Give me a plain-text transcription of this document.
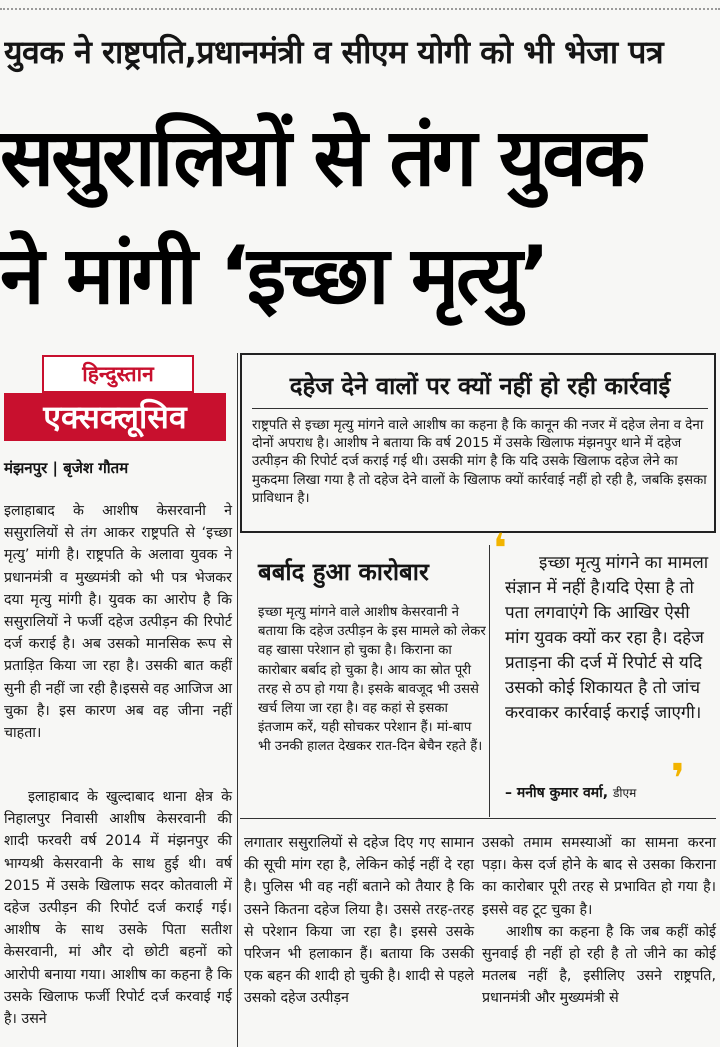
युवक ने राष्ट्रपति,प्रधानमंत्री व सीएम योगी को भी भेजा पत्र
ससुरालियों से तंग युवक
ने मांगी ‘इच्छा मृत्यु’
हिन्दुस्तान
एक्सक्लूसिव
मंझनपुर | बृजेश गौतम

इलाहाबाद के आशीष केसरवानी ने ससुरालियों से तंग आकर राष्ट्रपति से ‘इच्छा मृत्यु’ मांगी है। राष्ट्रपति के अलावा युवक ने प्रधानमंत्री व मुख्यमंत्री को भी पत्र भेजकर दया मृत्यु मांगी है। युवक का आरोप है कि ससुरालियों ने फर्जी दहेज उत्पीड़न की रिपोर्ट दर्ज कराई है। अब उसको मानसिक रूप से प्रताड़ित किया जा रहा है। उसकी बात कहीं सुनी ही नहीं जा रही है।इससे वह आजिज आ चुका है। इस कारण अब वह जीना नहीं चाहता।

इलाहाबाद के खुल्दाबाद थाना क्षेत्र के निहालपुर निवासी आशीष केसरवानी की शादी फरवरी वर्ष 2014 में मंझनपुर की भाग्यश्री केसरवानी के साथ हुई थी। वर्ष 2015 में उसके खिलाफ सदर कोतवाली में दहेज उत्पीड़न की रिपोर्ट दर्ज कराई गई। आशीष के साथ उसके पिता सतीश केसरवानी, मां और दो छोटी बहनों को आरोपी बनाया गया। आशीष का कहना है कि उसके खिलाफ फर्जी रिपोर्ट दर्ज करवाई गई है। उसने

दहेज देने वालों पर क्यों नहीं हो रही कार्रवाई
राष्ट्रपति से इच्छा मृत्यु मांगने वाले आशीष का कहना है कि कानून की नजर में दहेज लेना व देना दोनों अपराध है। आशीष ने बताया कि वर्ष 2015 में उसके खिलाफ मंझनपुर थाने में दहेज उत्पीड़न की रिपोर्ट दर्ज कराई गई थी। उसकी मांग है कि यदि उसके खिलाफ दहेज लेने का मुकदमा लिखा गया है तो दहेज देने वालों के खिलाफ क्यों कार्रवाई नहीं हो रही है, जबकि इसका प्राविधान है।
बर्बाद हुआ कारोबार
इच्छा मृत्यु मांगने वाले आशीष केसरवानी ने बताया कि दहेज उत्पीड़न के इस मामले को लेकर वह खासा परेशान हो चुका है। किराना का कारोबार बर्बाद हो चुका है। आय का स्रोत पूरी तरह से ठप हो गया है। इसके बावजूद भी उससे खर्च लिया जा रहा है। वह कहां से इसका इंतजाम करें, यही सोचकर परेशान हैं। मां-बाप भी उनकी हालत देखकर रात-दिन बेचैन रहते हैं।
❛	इच्छा मृत्यु मांगने का मामला संज्ञान में नहीं है।यदि ऐसा है तो पता लगवाएंगे कि आखिर ऐसी मांग युवक क्यों कर रहा है। दहेज प्रताड़ना की दर्ज में रिपोर्ट से यदि उसको कोई शिकायत है तो जांच करवाकर कार्रवाई कराई जाएगी।
– मनीष कुमार वर्मा, डीएम ❜

लगातार ससुरालियों से दहेज दिए गए सामान की सूची मांग रहा है, लेकिन कोई नहीं दे रहा है। पुलिस भी वह नहीं बताने को तैयार है कि उसने कितना दहेज लिया है। उससे तरह-तरह से परेशान किया जा रहा है। इससे उसके परिजन भी हलाकान हैं। बताया कि उसकी एक बहन की शादी हो चुकी है। शादी से पहले उसको दहेज उत्पीड़न

उसको तमाम समस्याओं का सामना करना पड़ा। केस दर्ज होने के बाद से उसका किराना का कारोबार पूरी तरह से प्रभावित हो गया है। इससे वह टूट चुका है।

आशीष का कहना है कि जब कहीं कोई सुनवाई ही नहीं हो रही है तो जीने का कोई मतलब नहीं है, इसीलिए उसने राष्ट्रपति, प्रधानमंत्री और मुख्यमंत्री से
